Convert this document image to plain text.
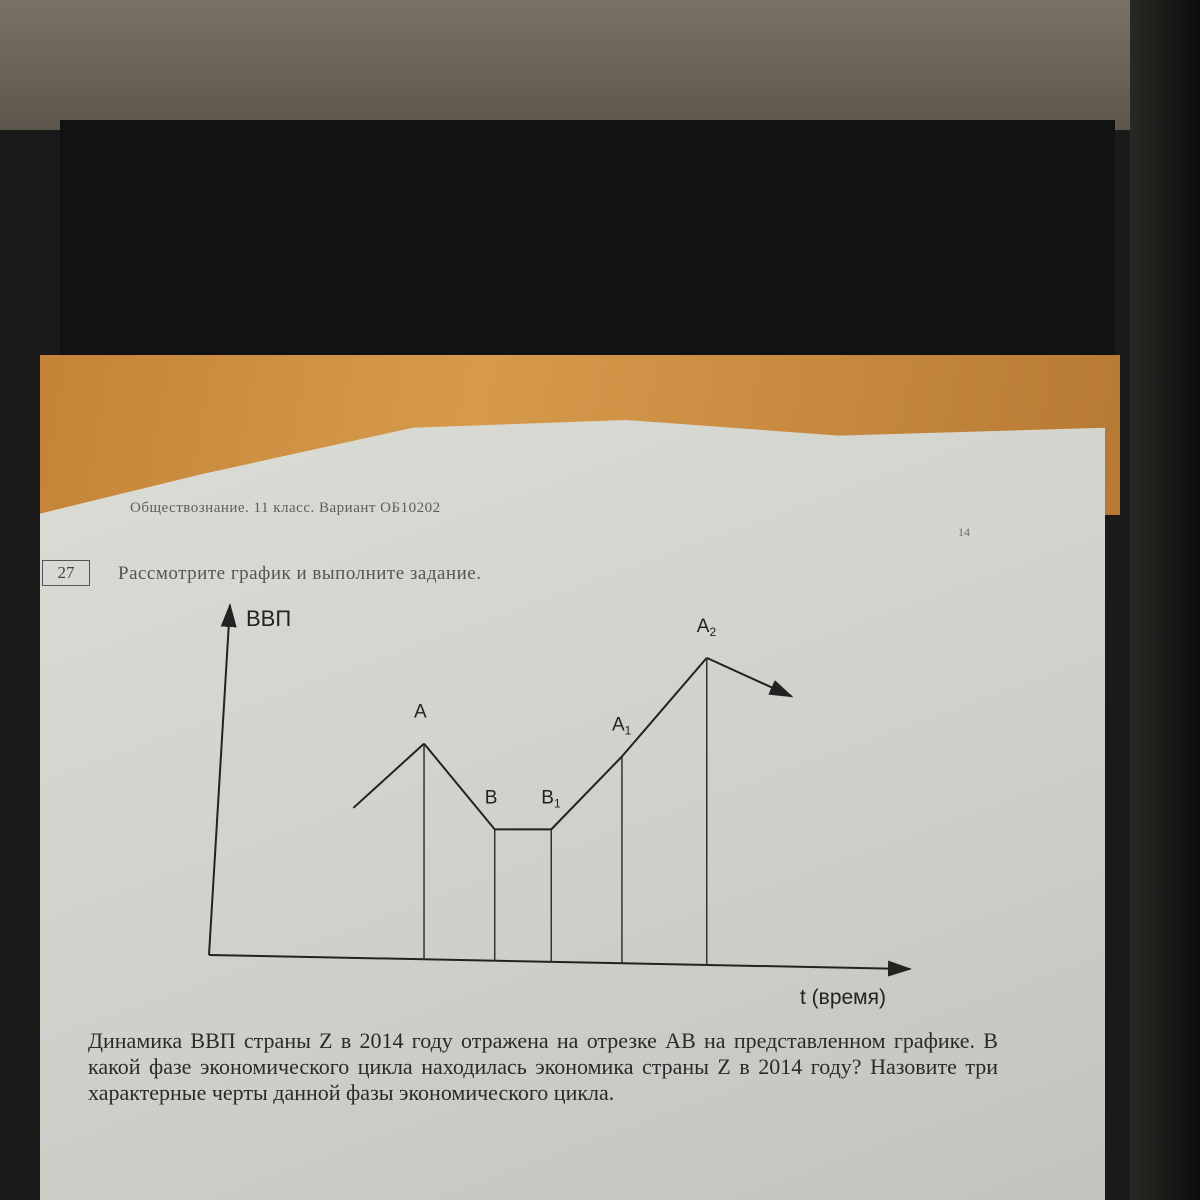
Обществознание. 11 класс. Вариант ОБ10202
14
27	Рассмотрите график и выполните задание.
ВВП
t (время)
A
B $B_1$
$A_1$
$A_2$
Динамика ВВП страны Z в 2014 году отражена на отрезке АВ на представленном графике. В какой фазе экономического цикла находилась экономика страны Z в 2014 году? Назовите три характерные черты данной фазы экономического цикла.
